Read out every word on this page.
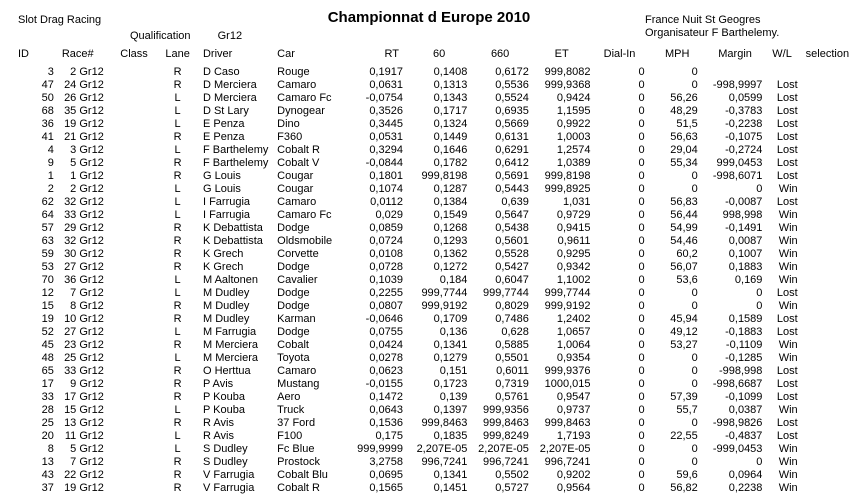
Slot Drag Racing
Qualification Gr12
Championnat d Europe 2010	France Nuit St Geogres
Organisateur F Barthelemy.
ID	Race#	Class	Lane	Driver	Car	RT	60	660	ET	Dial-In	MPH	Margin	W/L	selection
3	2 Gr12		R	D Caso	Rouge	0,1917	0,1408	0,6172	999,8082	0	0			
47	24 Gr12		R	D Merciera	Camaro	0,0631	0,1313	0,5536	999,9368	0	0	-998,9997	Lost	
50	26 Gr12		L	D Merciera	Camaro Fc	-0,0754	0,1343	0,5524	0,9424	0	56,26	0,0599	Lost	
68	35 Gr12		L	D St Lary	Dynogear	0,3526	0,1717	0,6935	1,1595	0	48,29	-0,3783	Lost	
36	19 Gr12		L	E Penza	Dino	0,3445	0,1324	0,5669	0,9922	0	51,5	-0,2238	Lost	
41	21 Gr12		R	E Penza	F360	0,0531	0,1449	0,6131	1,0003	0	56,63	-0,1075	Lost	
4	3 Gr12		L	F Barthelemy	Cobalt R	0,3294	0,1646	0,6291	1,2574	0	29,04	-0,2724	Lost	
9	5 Gr12		R	F Barthelemy	Cobalt V	-0,0844	0,1782	0,6412	1,0389	0	55,34	999,0453	Lost	
1	1 Gr12		R	G Louis	Cougar	0,1801	999,8198	0,5691	999,8198	0	0	-998,6071	Lost	
2	2 Gr12		L	G Louis	Cougar	0,1074	0,1287	0,5443	999,8925	0	0	0	Win	
62	32 Gr12		L	I Farrugia	Camaro	0,0112	0,1384	0,639	1,031	0	56,83	-0,0087	Lost	
64	33 Gr12		L	I Farrugia	Camaro Fc	0,029	0,1549	0,5647	0,9729	0	56,44	998,998	Win	
57	29 Gr12		R	K Debattista	Dodge	0,0859	0,1268	0,5438	0,9415	0	54,99	-0,1491	Win	
63	32 Gr12		R	K Debattista	Oldsmobile	0,0724	0,1293	0,5601	0,9611	0	54,46	0,0087	Win	
59	30 Gr12		R	K Grech	Corvette	0,0108	0,1362	0,5528	0,9295	0	60,2	0,1007	Win	
53	27 Gr12		R	K Grech	Dodge	0,0728	0,1272	0,5427	0,9342	0	56,07	0,1883	Win	
70	36 Gr12		L	M Aaltonen	Cavalier	0,1039	0,184	0,6047	1,1002	0	53,6	0,169	Win	
12	7 Gr12		L	M Dudley	Dodge	0,2255	999,7744	999,7744	999,7744	0	0	0	Lost	
15	8 Gr12		R	M Dudley	Dodge	0,0807	999,9192	0,8029	999,9192	0	0	0	Win	
19	10 Gr12		R	M Dudley	Karman	-0,0646	0,1709	0,7486	1,2402	0	45,94	0,1589	Lost	
52	27 Gr12		L	M Farrugia	Dodge	0,0755	0,136	0,628	1,0657	0	49,12	-0,1883	Lost	
45	23 Gr12		R	M Merciera	Cobalt	0,0424	0,1341	0,5885	1,0064	0	53,27	-0,1109	Win	
48	25 Gr12		L	M Merciera	Toyota	0,0278	0,1279	0,5501	0,9354	0	0	-0,1285	Win	
65	33 Gr12		R	O Herttua	Camaro	0,0623	0,151	0,6011	999,9376	0	0	-998,998	Lost	
17	9 Gr12		R	P Avis	Mustang	-0,0155	0,1723	0,7319	1000,015	0	0	-998,6687	Lost	
33	17 Gr12		R	P Kouba	Aero	0,1472	0,139	0,5761	0,9547	0	57,39	-0,1099	Lost	
28	15 Gr12		L	P Kouba	Truck	0,0643	0,1397	999,9356	0,9737	0	55,7	0,0387	Win	
25	13 Gr12		R	R Avis	37 Ford	0,1536	999,8463	999,8463	999,8463	0	0	-998,9826	Lost	
20	11 Gr12		L	R Avis	F100	0,175	0,1835	999,8249	1,7193	0	22,55	-0,4837	Lost	
8	5 Gr12		L	S Dudley	Fc Blue	999,9999	2,207E-05	2,207E-05	2,207E-05	0	0	-999,0453	Win	
13	7 Gr12		R	S Dudley	Prostock	3,2758	996,7241	996,7241	996,7241	0	0	0	Win	
43	22 Gr12		R	V Farrugia	Cobalt Blu	0,0695	0,1341	0,5502	0,9202	0	59,6	0,0964	Win	
37	19 Gr12		R	V Farrugia	Cobalt R	0,1565	0,1451	0,5727	0,9564	0	56,82	0,2238	Win	
